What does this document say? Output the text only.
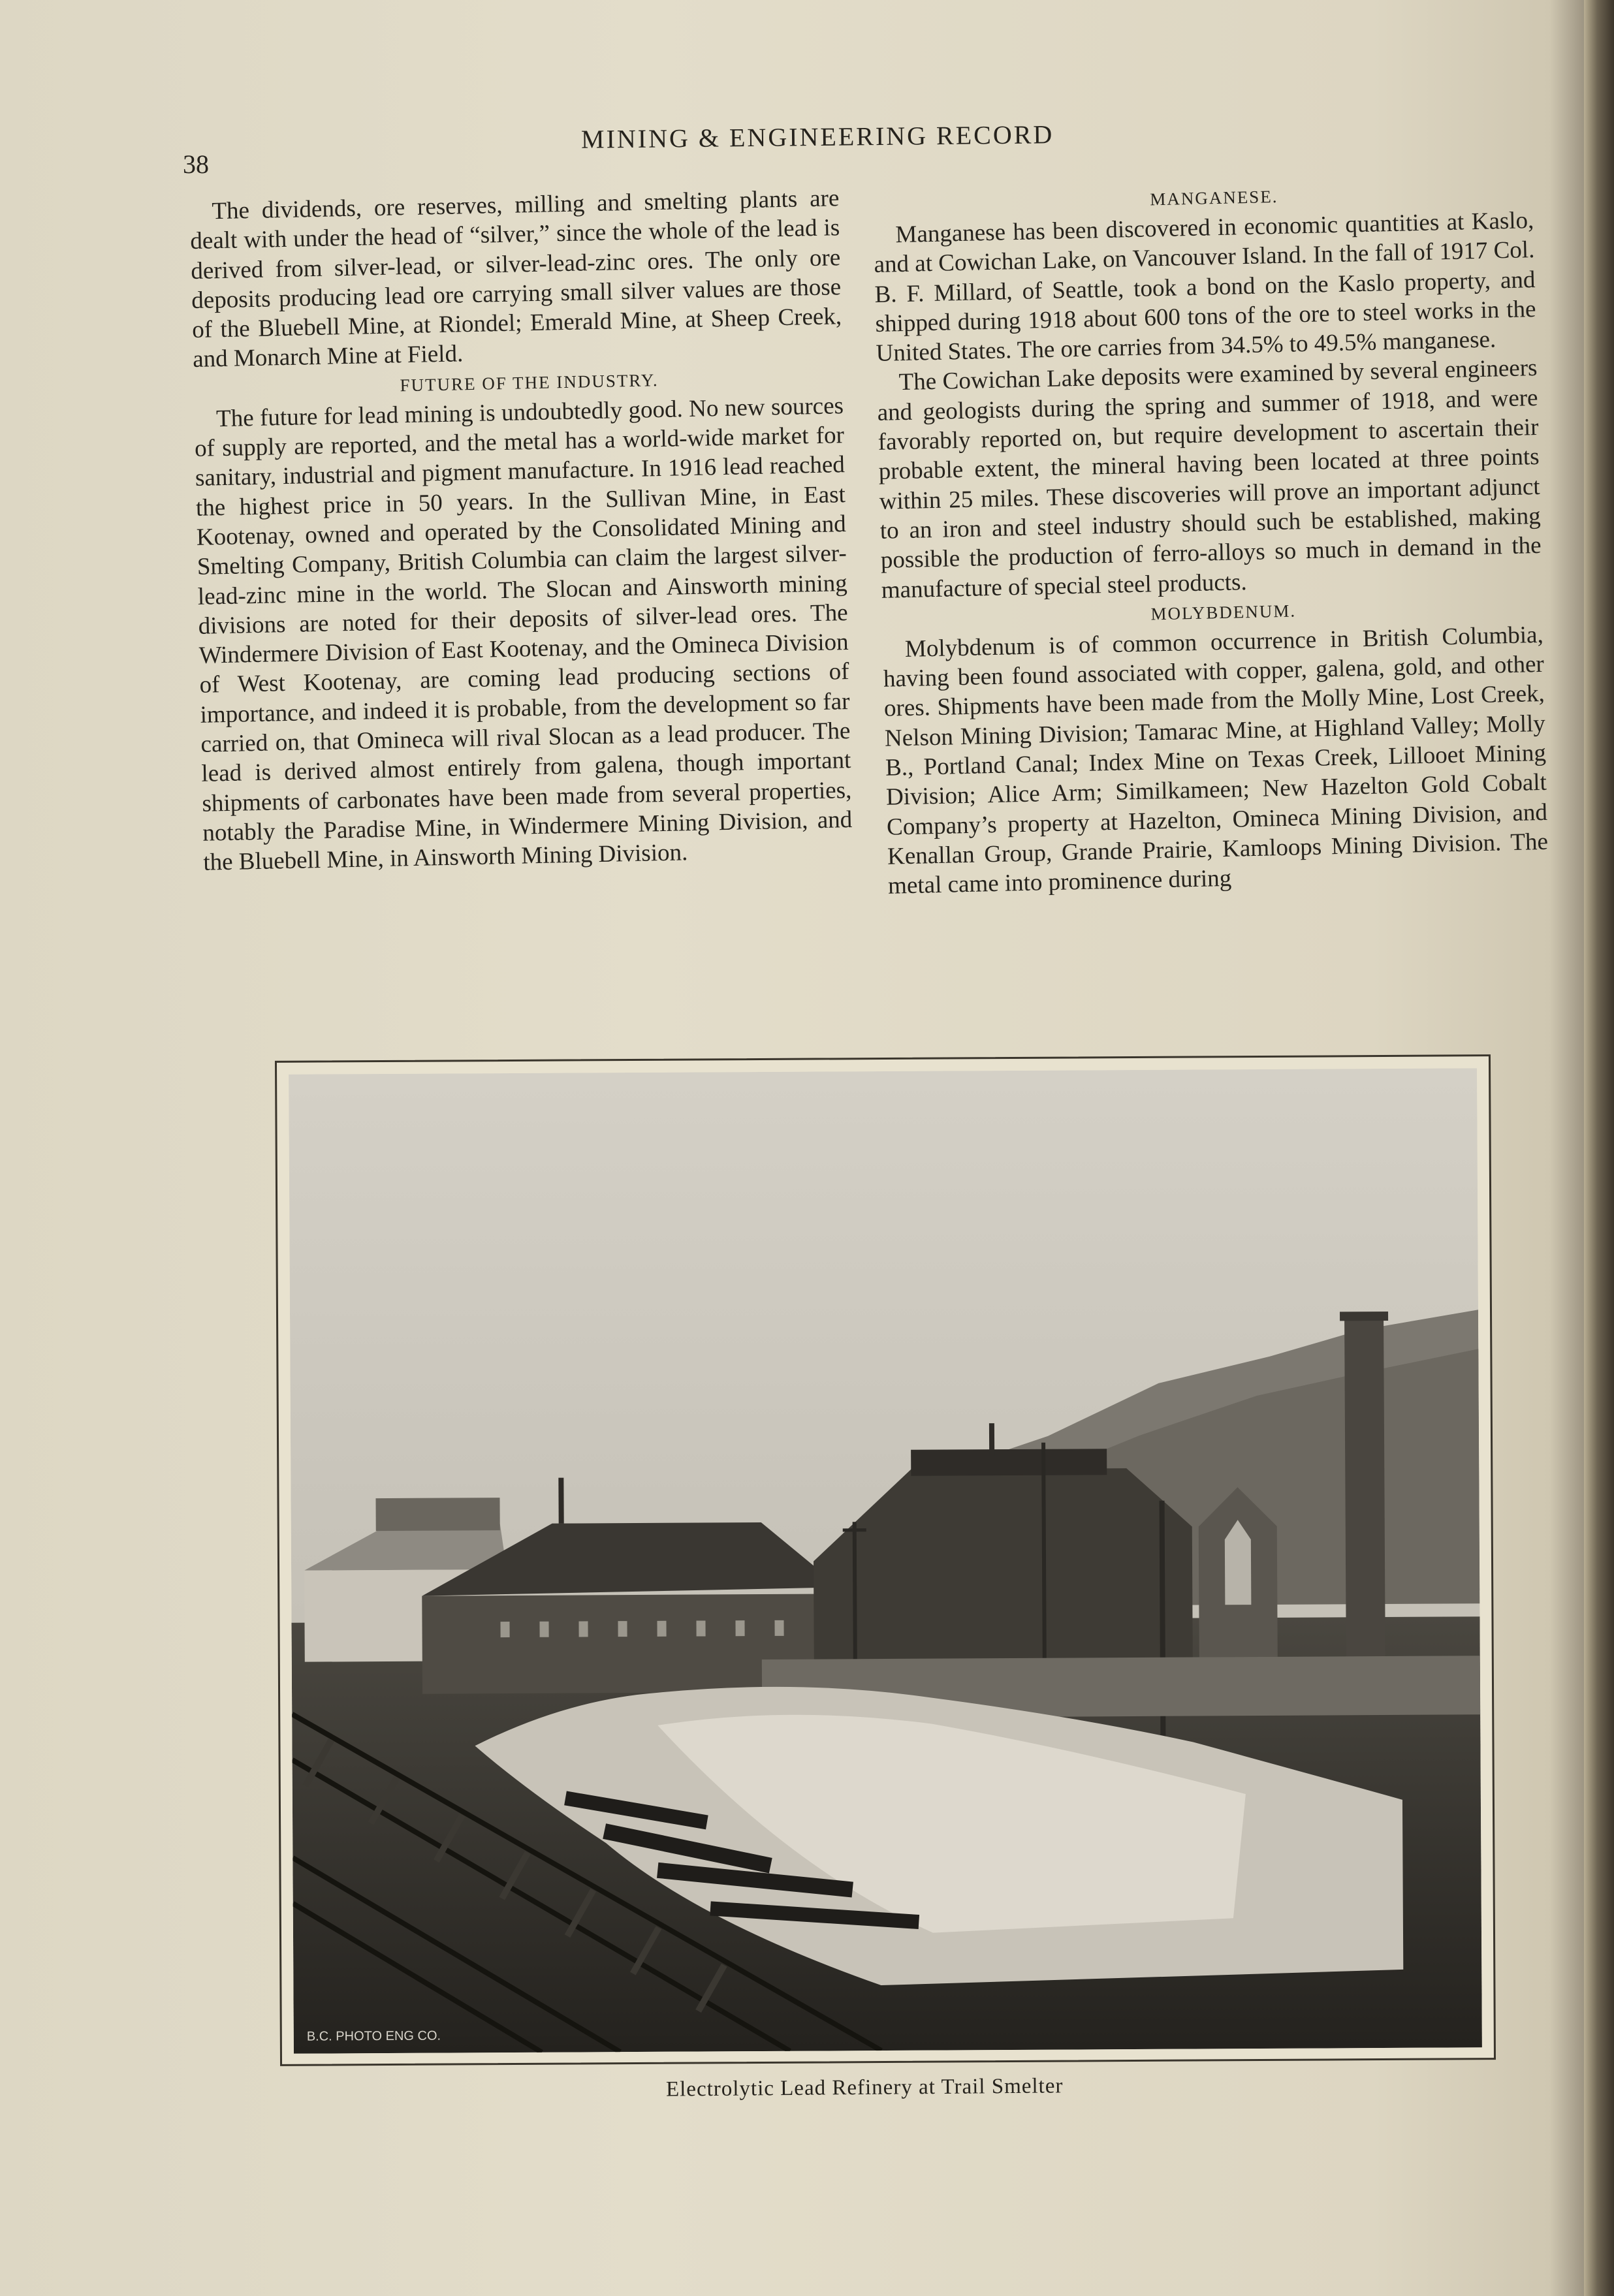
38
MINING & ENGINEERING RECORD

The dividends, ore reserves, milling and smelting plants are dealt with under the head of “silver,” since the whole of the lead is derived from silver-lead, or silver-lead-zinc ores. The only ore deposits producing lead ore carrying small silver values are those of the Bluebell Mine, at Riondel; Emerald Mine, at Sheep Creek, and Monarch Mine at Field.

FUTURE OF THE INDUSTRY.

The future for lead mining is undoubtedly good. No new sources of supply are reported, and the metal has a world-wide market for sanitary, industrial and pigment manufacture. In 1916 lead reached the highest price in 50 years. In the Sullivan Mine, in East Kootenay, owned and operated by the Consolidated Mining and Smelting Company, British Columbia can claim the largest silver-lead-zinc mine in the world. The Slocan and Ainsworth mining divisions are noted for their deposits of silver-lead ores. The Windermere Division of East Kootenay, and the Omineca Division of West Kootenay, are coming lead producing sections of importance, and indeed it is probable, from the development so far carried on, that Omineca will rival Slocan as a lead producer. The lead is derived almost entirely from galena, though important shipments of carbonates have been made from several properties, notably the Paradise Mine, in Windermere Mining Division, and the Bluebell Mine, in Ainsworth Mining Division.

MANGANESE.

Manganese has been discovered in economic quantities at Kaslo, and at Cowichan Lake, on Vancouver Island. In the fall of 1917 Col. B. F. Millard, of Seattle, took a bond on the Kaslo property, and shipped during 1918 about 600 tons of the ore to steel works in the United States. The ore carries from 34.5% to 49.5% manganese.

The Cowichan Lake deposits were examined by several engineers and geologists during the spring and summer of 1918, and were favorably reported on, but require development to ascertain their probable extent, the mineral having been located at three points within 25 miles. These discoveries will prove an important adjunct to an iron and steel industry should such be established, making possible the production of ferro-alloys so much in demand in the manufacture of special steel products.

MOLYBDENUM.

Molybdenum is of common occurrence in British Columbia, having been found associated with copper, galena, gold, and other ores. Shipments have been made from the Molly Mine, Lost Creek, Nelson Mining Division; Tamarac Mine, at Highland Valley; Molly B., Portland Canal; Index Mine on Texas Creek, Lillooet Mining Division; Alice Arm; Similkameen; New Hazelton Gold Cobalt Company’s property at Hazelton, Omineca Mining Division, and Kenallan Group, Grande Prairie, Kamloops Mining Division. The metal came into prominence during

B.C. PHOTO ENG CO.
Electrolytic Lead Refinery at Trail Smelter
